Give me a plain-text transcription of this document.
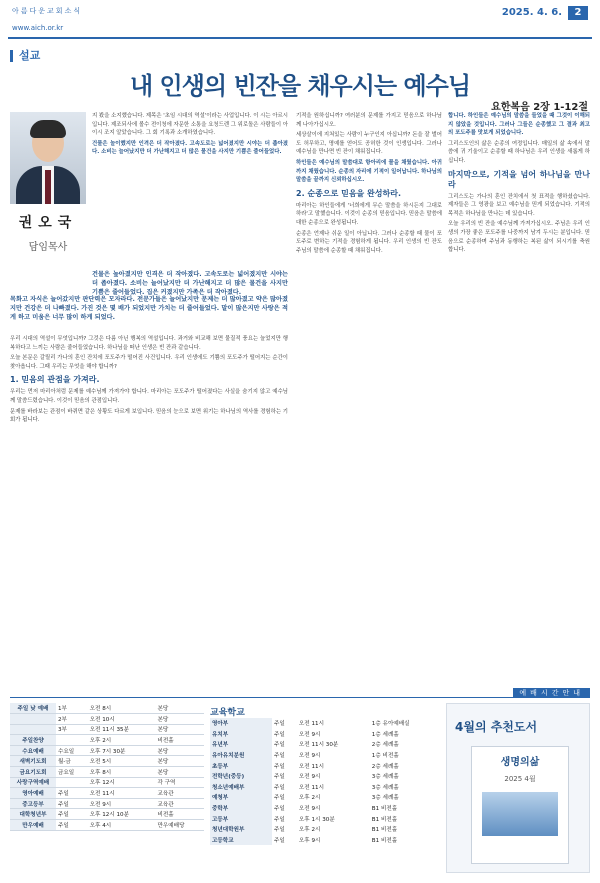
아름다운교회소식
www.aich.or.kr
2025. 4. 6.	2
설교
내 인생의 빈잔을 채우시는 예수님
요한복음 2장 1-12절
권오국
담임목사

지 봤을 소지했습니다. 제목은 '초임 시대의 역설'이라는 사업입니다. 이 시는 아르시입니다. 제조되사에 볼수 전이청에 자문한 소통을 요청드렌 그 위로돌은 사람들이 아이시 조지 알았습니다. 그 회 기록과 소개하였습니다.

건물은 놀이했지만 인격은 더 작아졌다. 고속도로는 넓어졌지만 시야는 더 좁아졌다. 소비는 늘어났지만 더 가난해지고 더 많은 물건을 사지만 기쁨은 줄어들었다.

건물은 높아졌지만 인격은 더 작아졌다. 고속도로는 넓어졌지만 시야는 더 좁아졌다. 소비는 늘어났지만 더 가난해지고 더 많은 물건을 사지만 기쁨은 줄어들었다. 집은 커졌지만 가족은 더 작아졌다.
목화고 자식은 늘어갔지만 판단력은 모자라다. 전문가들은 늘어났지만 문제는 더 많아졌고 약은 많아졌지만 건강은 더 나빠졌다. 가진 것은 몇 배가 되었지만 가치는 더 줄어들었다. 말이 많은지만 사랑은 적게 하고 미움은 너무 많이 하게 되었다.

우리 시대의 역설이 무엇입니까? 그것은 다름 아닌 행복의 역설입니다. 과거와 비교해 보면 물질적 풍요는 늘었지만 행복하다고 느끼는 사람은 줄어들었습니다. 하나님을 떠난 인생은 빈 잔과 같습니다.

오늘 본문은 갈릴리 가나의 혼인 잔치에 포도주가 떨어진 사건입니다. 우리 인생에도 기쁨의 포도주가 떨어지는 순간이 찾아옵니다. 그때 우리는 무엇을 해야 합니까?

1. 믿음의 관점을 가져라.

우리는 먼저 마리아처럼 문제를 예수님께 가져가야 합니다. 마리아는 포도주가 떨어졌다는 사실을 숨기지 않고 예수님께 말씀드렸습니다. 이것이 믿음의 관점입니다.

문제를 바라보는 관점이 바뀌면 같은 상황도 다르게 보입니다. 믿음의 눈으로 보면 위기는 하나님의 역사를 경험하는 기회가 됩니다.

기적을 원하십니까? 여러분의 문제를 가지고 믿음으로 하나님께 나아가십시오.

세상살이에 지쳐있는 사람이 누구인지 아십니까? 돈을 잘 벌어도 허무하고, 명예를 얻어도 공허한 것이 인생입니다. 그러나 예수님을 만나면 빈 잔이 채워집니다.

하인들은 예수님의 말씀대로 항아리에 물을 채웠습니다. 아귀까지 채웠습니다. 순종의 자리에 기적이 일어납니다. 하나님의 말씀을 끝까지 신뢰하십시오.

2. 순종으로 믿음을 완성하라.

마리아는 하인들에게 '너희에게 무슨 말씀을 하시든지 그대로 하라'고 말했습니다. 이것이 순종의 믿음입니다. 믿음은 말씀에 대한 순종으로 완성됩니다.

순종은 언제나 쉬운 일이 아닙니다. 그러나 순종할 때 물이 포도주로 변하는 기적을 경험하게 됩니다. 우리 인생의 빈 잔도 주님의 말씀에 순종할 때 채워집니다.

합니다. 하인들은 예수님의 말씀을 들었을 때 그것이 이해되지 않았을 것입니다. 그러나 그들은 순종했고 그 결과 최고의 포도주를 맛보게 되었습니다.

그리스도인의 삶은 순종의 여정입니다. 매일의 삶 속에서 말씀에 귀 기울이고 순종할 때 하나님은 우리 인생을 새롭게 하십니다.

마지막으로, 기적을 넘어 하나님을 만나라

그리스도는 가나의 혼인 잔치에서 첫 표적을 행하셨습니다. 제자들은 그 영광을 보고 예수님을 믿게 되었습니다. 기적의 목적은 하나님을 만나는 데 있습니다.

오늘 우리의 빈 잔을 예수님께 가져가십시오. 주님은 우리 인생의 가장 좋은 포도주를 나중까지 남겨 두시는 분입니다. 믿음으로 순종하며 주님과 동행하는 복된 삶이 되시기를 축원합니다.

예배시간안내
주일 낮 예배	1부	오전 8시	본당
	2부	오전 10시	본당
	3부	오전 11시 35분	본당
주일찬양		오후 2시	비전홀
수요예배	수요일	오후 7시 30분	본당
새벽기도회	월-금	오전 5시	본당
금요기도회	금요일	오후 8시	본당
사랑구역예배		오후 12시	각 구역
영아예배	주일	오전 11시	교육관
중고등부	주일	오전 9시	교육관
대학청년부	주일	오후 12시 10분	비전홀
만우예배	주일	오후 4시	만우예배당
교육학교
영아부	주일	오전 11시	1층 유아예배실
유치부	주일	오전 9시	1층 세례홀
유년부	주일	오전 11시 30분	2층 세례홀
유아유치분원	주일	오전 9시	1층 비전홀
초등부	주일	오전 11시	2층 세례홀
전학년(중등)	주일	오전 9시	3층 세례홀
청소년예배부	주일	오전 11시	3층 세례홀
예청부	주일	오후 2시	3층 세례홀
중학부	주일	오전 9시	B1 비전홀
고등부	주일	오후 1시 30분	B1 비전홀
청년대학원부	주일	오후 2시	B1 비전홀
고등학교	주일	오후 9시	B1 비전홀
4월의 추천도서
생명의삶
2025 4월
